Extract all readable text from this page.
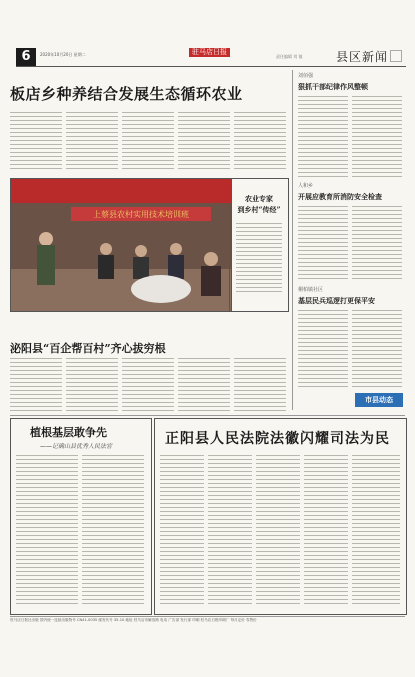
6	2020年10月20日 星期二	驻马店日报
责任编辑 刘 镇	县区新闻
板店乡种养结合发展生态循环农业
上蔡县农村实用技术培训班
农业专家
到乡村“传经”
泌阳县“百企帮百村”齐心拔穷根
刘佰强
狠抓干部纪律作风整顿
人和乡
开展应教育所消防安全检查
桐柏镇社区
基层民兵巡逻打更保平安
市县动态
植根基层敢争先
——记确山县优秀人民法官	正阳县人民法院法徽闪耀司法为民
驻马店日报社出版 国内统一连续出版物号 CN41-0035 邮发代号 35-10 地址 驻马店市解放路 电话 广告部 发行部 印刷 驻马店日报印刷厂 每月定价 零售价
